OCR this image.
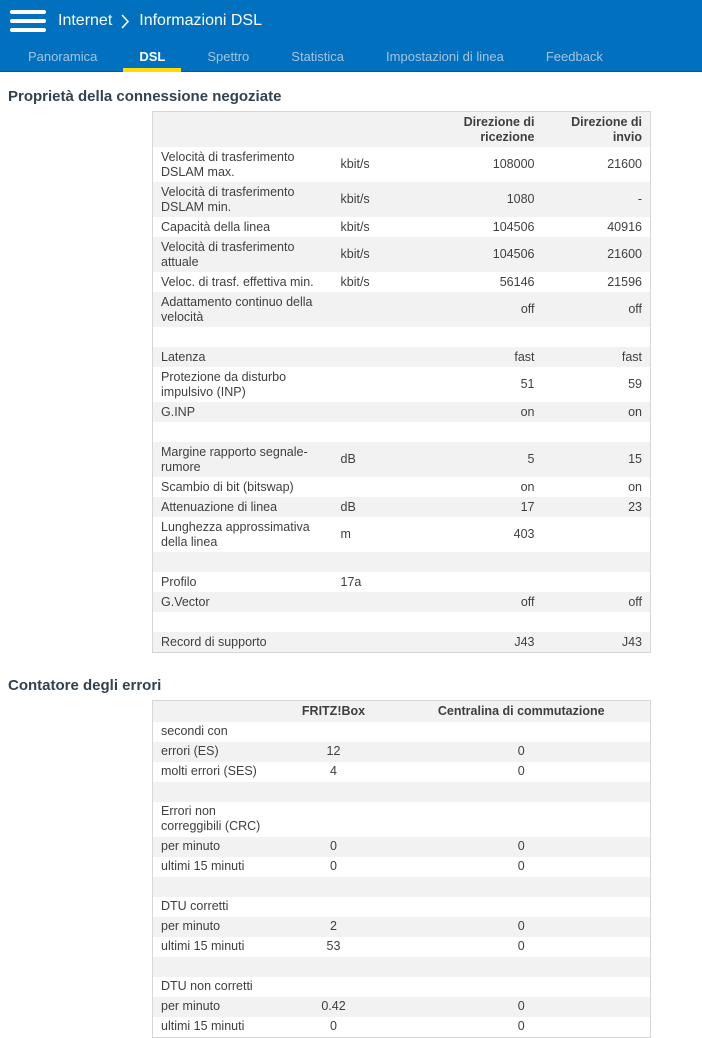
Internet Informazioni DSL
Panoramica	DSL	Spettro	Statistica	Impostazioni di linea	Feedback
Proprietà della connessione negoziate
		Direzione di ricezione	Direzione di invio
Velocità di trasferimento DSLAM max.	kbit/s	108000	21600
Velocità di trasferimento DSLAM min.	kbit/s	1080	-
Capacità della linea	kbit/s	104506	40916
Velocità di trasferimento attuale	kbit/s	104506	21600
Veloc. di trasf. effettiva min.	kbit/s	56146	21596
Adattamento continuo della velocità		off	off

Latenza		fast	fast
Protezione da disturbo impulsivo (INP)		51	59
G.INP		on	on

Margine rapporto segnale-rumore	dB	5	15
Scambio di bit (bitswap)		on	on
Attenuazione di linea	dB	17	23
Lunghezza approssimativa della linea	m	403	

Profilo	17a		
G.Vector		off	off

Record di supporto		J43	J43
Contatore degli errori
	FRITZ!Box	Centralina di commutazione
secondi con		
errori (ES)	12	0
molti errori (SES)	4	0

Errori non correggibili (CRC)		
per minuto	0	0
ultimi 15 minuti	0	0

DTU corretti		
per minuto	2	0
ultimi 15 minuti	53	0

DTU non corretti		
per minuto	0.42	0
ultimi 15 minuti	0	0
